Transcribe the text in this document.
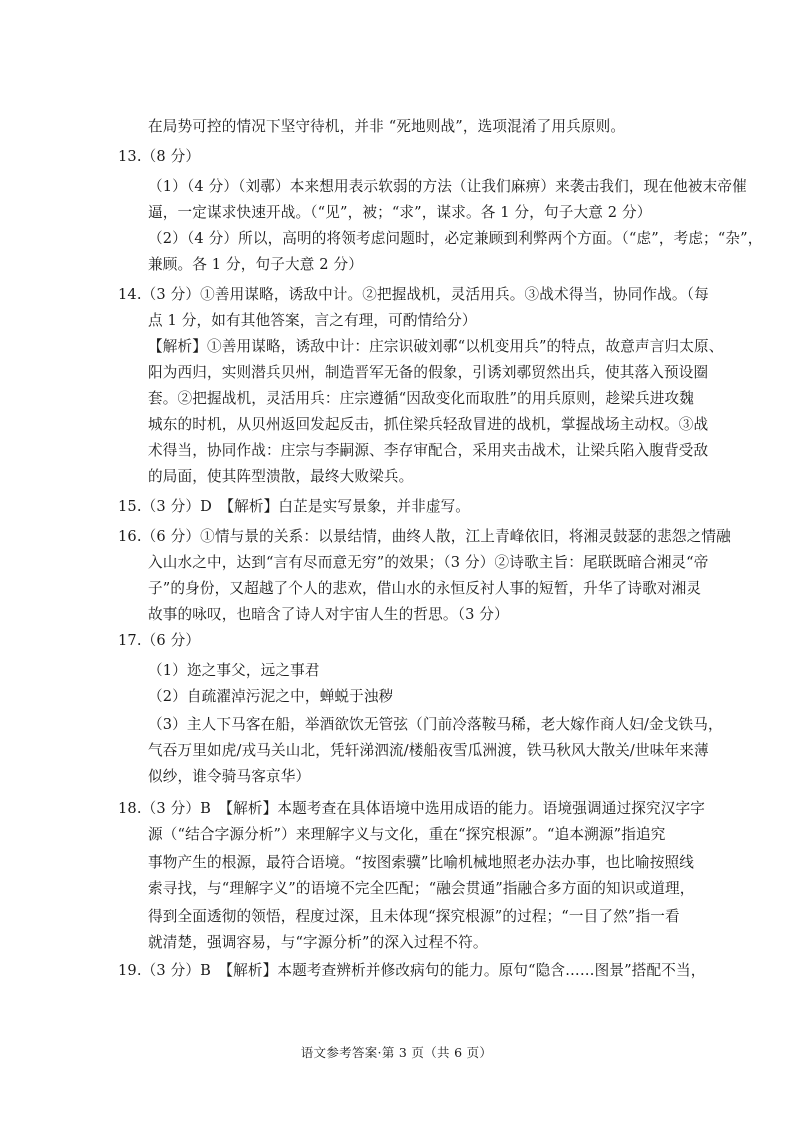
在局势可控的情况下坚守待机，并非 “死地则战”，选项混淆了用兵原则。
13.（8 分）
（1）（4 分）（刘鄩）本来想用表示软弱的方法（让我们麻痹）来袭击我们，现在他被末帝催
逼，一定谋求快速开战。（“见”，被；“求”，谋求。各 1 分，句子大意 2 分）
（2）（4 分）所以，高明的将领考虑问题时，必定兼顾到利弊两个方面。（“虑”，考虑；“杂”，
兼顾。各 1 分，句子大意 2 分）
14.（3 分）①善用谋略，诱敌中计。②把握战机，灵活用兵。③战术得当，协同作战。（每
点 1 分，如有其他答案，言之有理，可酌情给分）
【解析】①善用谋略，诱敌中计：庄宗识破刘鄩“以机变用兵”的特点，故意声言归太原、
阳为西归，实则潜兵贝州，制造晋军无备的假象，引诱刘鄩贸然出兵，使其落入预设圈
套。②把握战机，灵活用兵：庄宗遵循“因敌变化而取胜”的用兵原则，趁梁兵进攻魏
城东的时机，从贝州返回发起反击，抓住梁兵轻敌冒进的战机，掌握战场主动权。③战
术得当，协同作战：庄宗与李嗣源、李存审配合，采用夹击战术，让梁兵陷入腹背受敌
的局面，使其阵型溃散，最终大败梁兵。
15.（3 分）D　【解析】白芷是实写景象，并非虚写。
16.（6 分）①情与景的关系：以景结情，曲终人散，江上青峰依旧，将湘灵鼓瑟的悲怨之情融
入山水之中，达到“言有尽而意无穷”的效果；（3 分）②诗歌主旨：尾联既暗合湘灵“帝
子”的身份，又超越了个人的悲欢，借山水的永恒反衬人事的短暂，升华了诗歌对湘灵
故事的咏叹，也暗含了诗人对宇宙人生的哲思。（3 分）
17.（6 分）
（1）迩之事父，远之事君
（2）自疏濯淖污泥之中，蝉蜕于浊秽
（3）主人下马客在船，举酒欲饮无管弦（门前冷落鞍马稀，老大嫁作商人妇/金戈铁马，
气吞万里如虎/戎马关山北，凭轩涕泗流/楼船夜雪瓜洲渡，铁马秋风大散关/世味年来薄
似纱，谁令骑马客京华）
18.（3 分）B　【解析】本题考查在具体语境中选用成语的能力。语境强调通过探究汉字字
源（“结合字源分析”）来理解字义与文化，重在“探究根源”。“追本溯源”指追究
事物产生的根源，最符合语境。“按图索骥”比喻机械地照老办法办事，也比喻按照线
索寻找，与“理解字义”的语境不完全匹配；“融会贯通”指融合多方面的知识或道理，
得到全面透彻的领悟，程度过深，且未体现“探究根源”的过程；“一目了然”指一看
就清楚，强调容易，与“字源分析”的深入过程不符。
19.（3 分）B　【解析】本题考查辨析并修改病句的能力。原句“隐含……图景”搭配不当，
语文参考答案·第 3 页（共 6 页）
